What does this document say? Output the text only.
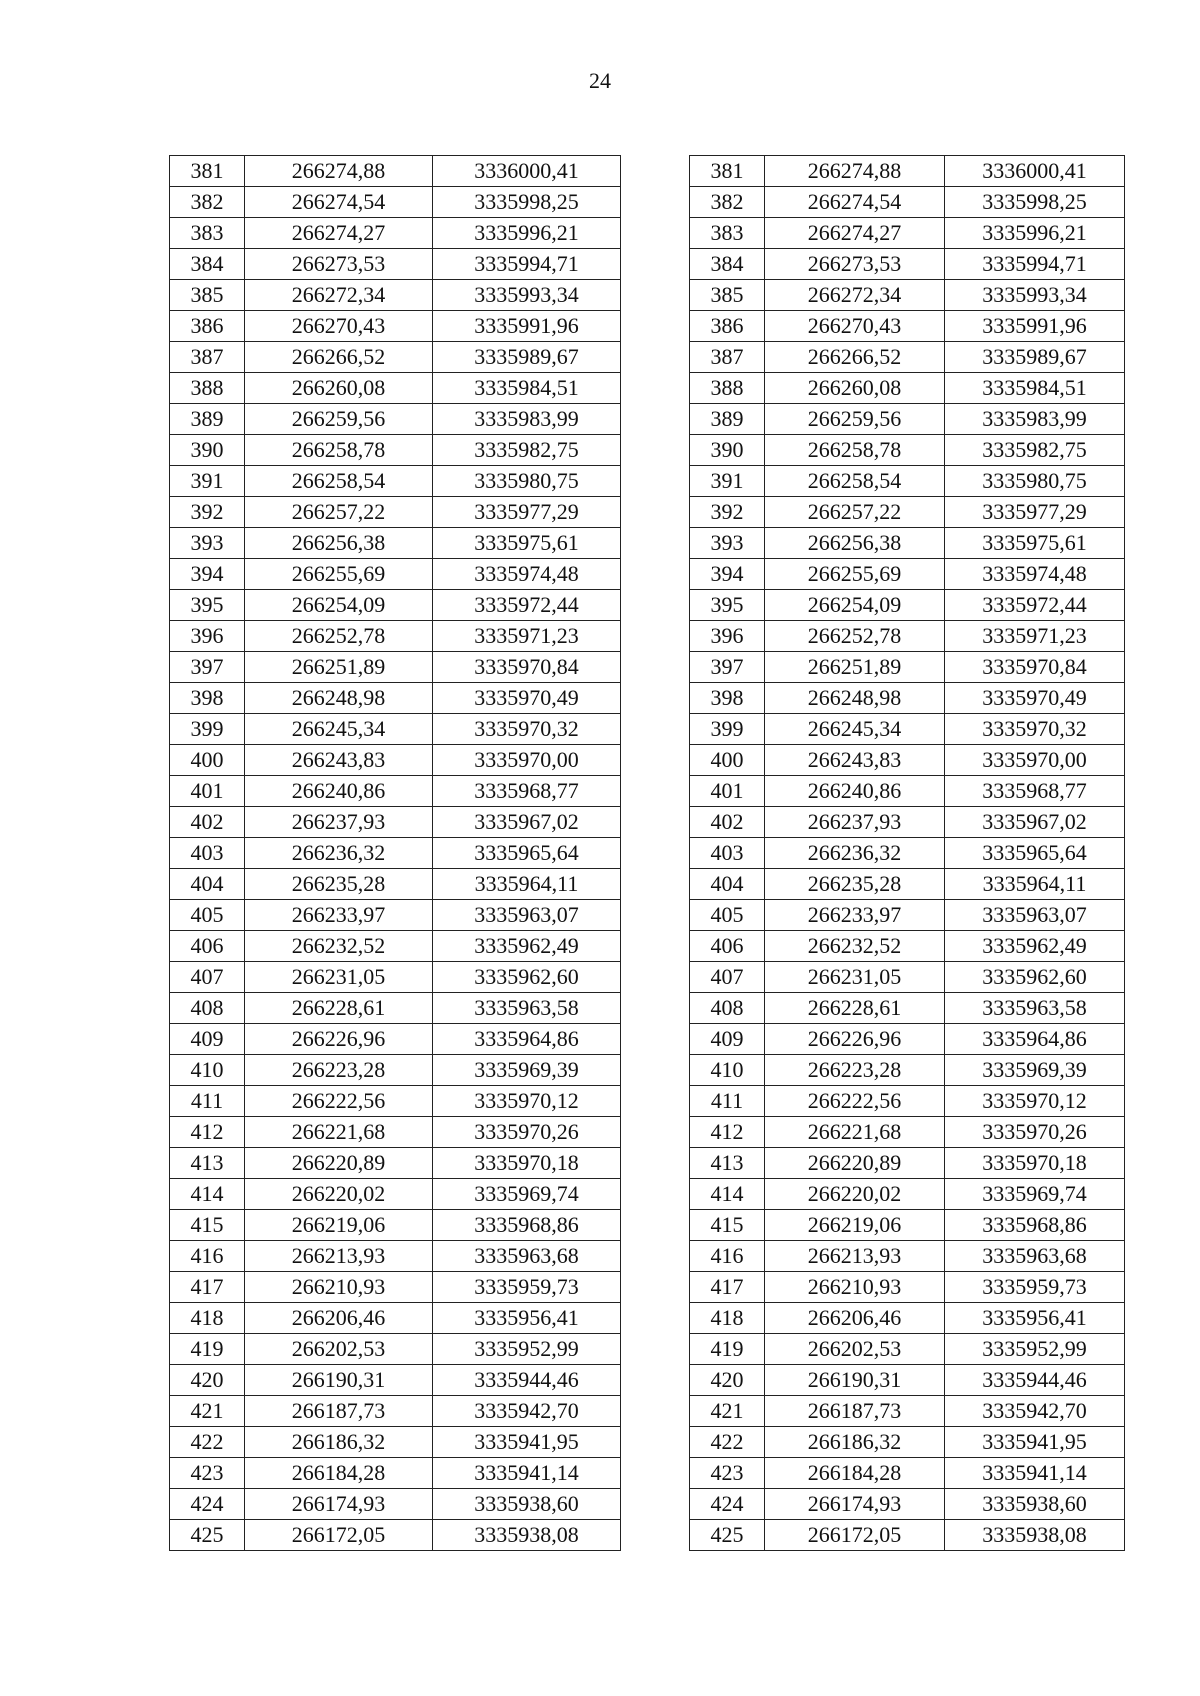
24
381	266274,88	3336000,41
382	266274,54	3335998,25
383	266274,27	3335996,21
384	266273,53	3335994,71
385	266272,34	3335993,34
386	266270,43	3335991,96
387	266266,52	3335989,67
388	266260,08	3335984,51
389	266259,56	3335983,99
390	266258,78	3335982,75
391	266258,54	3335980,75
392	266257,22	3335977,29
393	266256,38	3335975,61
394	266255,69	3335974,48
395	266254,09	3335972,44
396	266252,78	3335971,23
397	266251,89	3335970,84
398	266248,98	3335970,49
399	266245,34	3335970,32
400	266243,83	3335970,00
401	266240,86	3335968,77
402	266237,93	3335967,02
403	266236,32	3335965,64
404	266235,28	3335964,11
405	266233,97	3335963,07
406	266232,52	3335962,49
407	266231,05	3335962,60
408	266228,61	3335963,58
409	266226,96	3335964,86
410	266223,28	3335969,39
411	266222,56	3335970,12
412	266221,68	3335970,26
413	266220,89	3335970,18
414	266220,02	3335969,74
415	266219,06	3335968,86
416	266213,93	3335963,68
417	266210,93	3335959,73
418	266206,46	3335956,41
419	266202,53	3335952,99
420	266190,31	3335944,46
421	266187,73	3335942,70
422	266186,32	3335941,95
423	266184,28	3335941,14
424	266174,93	3335938,60
425	266172,05	3335938,08
381	266274,88	3336000,41
382	266274,54	3335998,25
383	266274,27	3335996,21
384	266273,53	3335994,71
385	266272,34	3335993,34
386	266270,43	3335991,96
387	266266,52	3335989,67
388	266260,08	3335984,51
389	266259,56	3335983,99
390	266258,78	3335982,75
391	266258,54	3335980,75
392	266257,22	3335977,29
393	266256,38	3335975,61
394	266255,69	3335974,48
395	266254,09	3335972,44
396	266252,78	3335971,23
397	266251,89	3335970,84
398	266248,98	3335970,49
399	266245,34	3335970,32
400	266243,83	3335970,00
401	266240,86	3335968,77
402	266237,93	3335967,02
403	266236,32	3335965,64
404	266235,28	3335964,11
405	266233,97	3335963,07
406	266232,52	3335962,49
407	266231,05	3335962,60
408	266228,61	3335963,58
409	266226,96	3335964,86
410	266223,28	3335969,39
411	266222,56	3335970,12
412	266221,68	3335970,26
413	266220,89	3335970,18
414	266220,02	3335969,74
415	266219,06	3335968,86
416	266213,93	3335963,68
417	266210,93	3335959,73
418	266206,46	3335956,41
419	266202,53	3335952,99
420	266190,31	3335944,46
421	266187,73	3335942,70
422	266186,32	3335941,95
423	266184,28	3335941,14
424	266174,93	3335938,60
425	266172,05	3335938,08
